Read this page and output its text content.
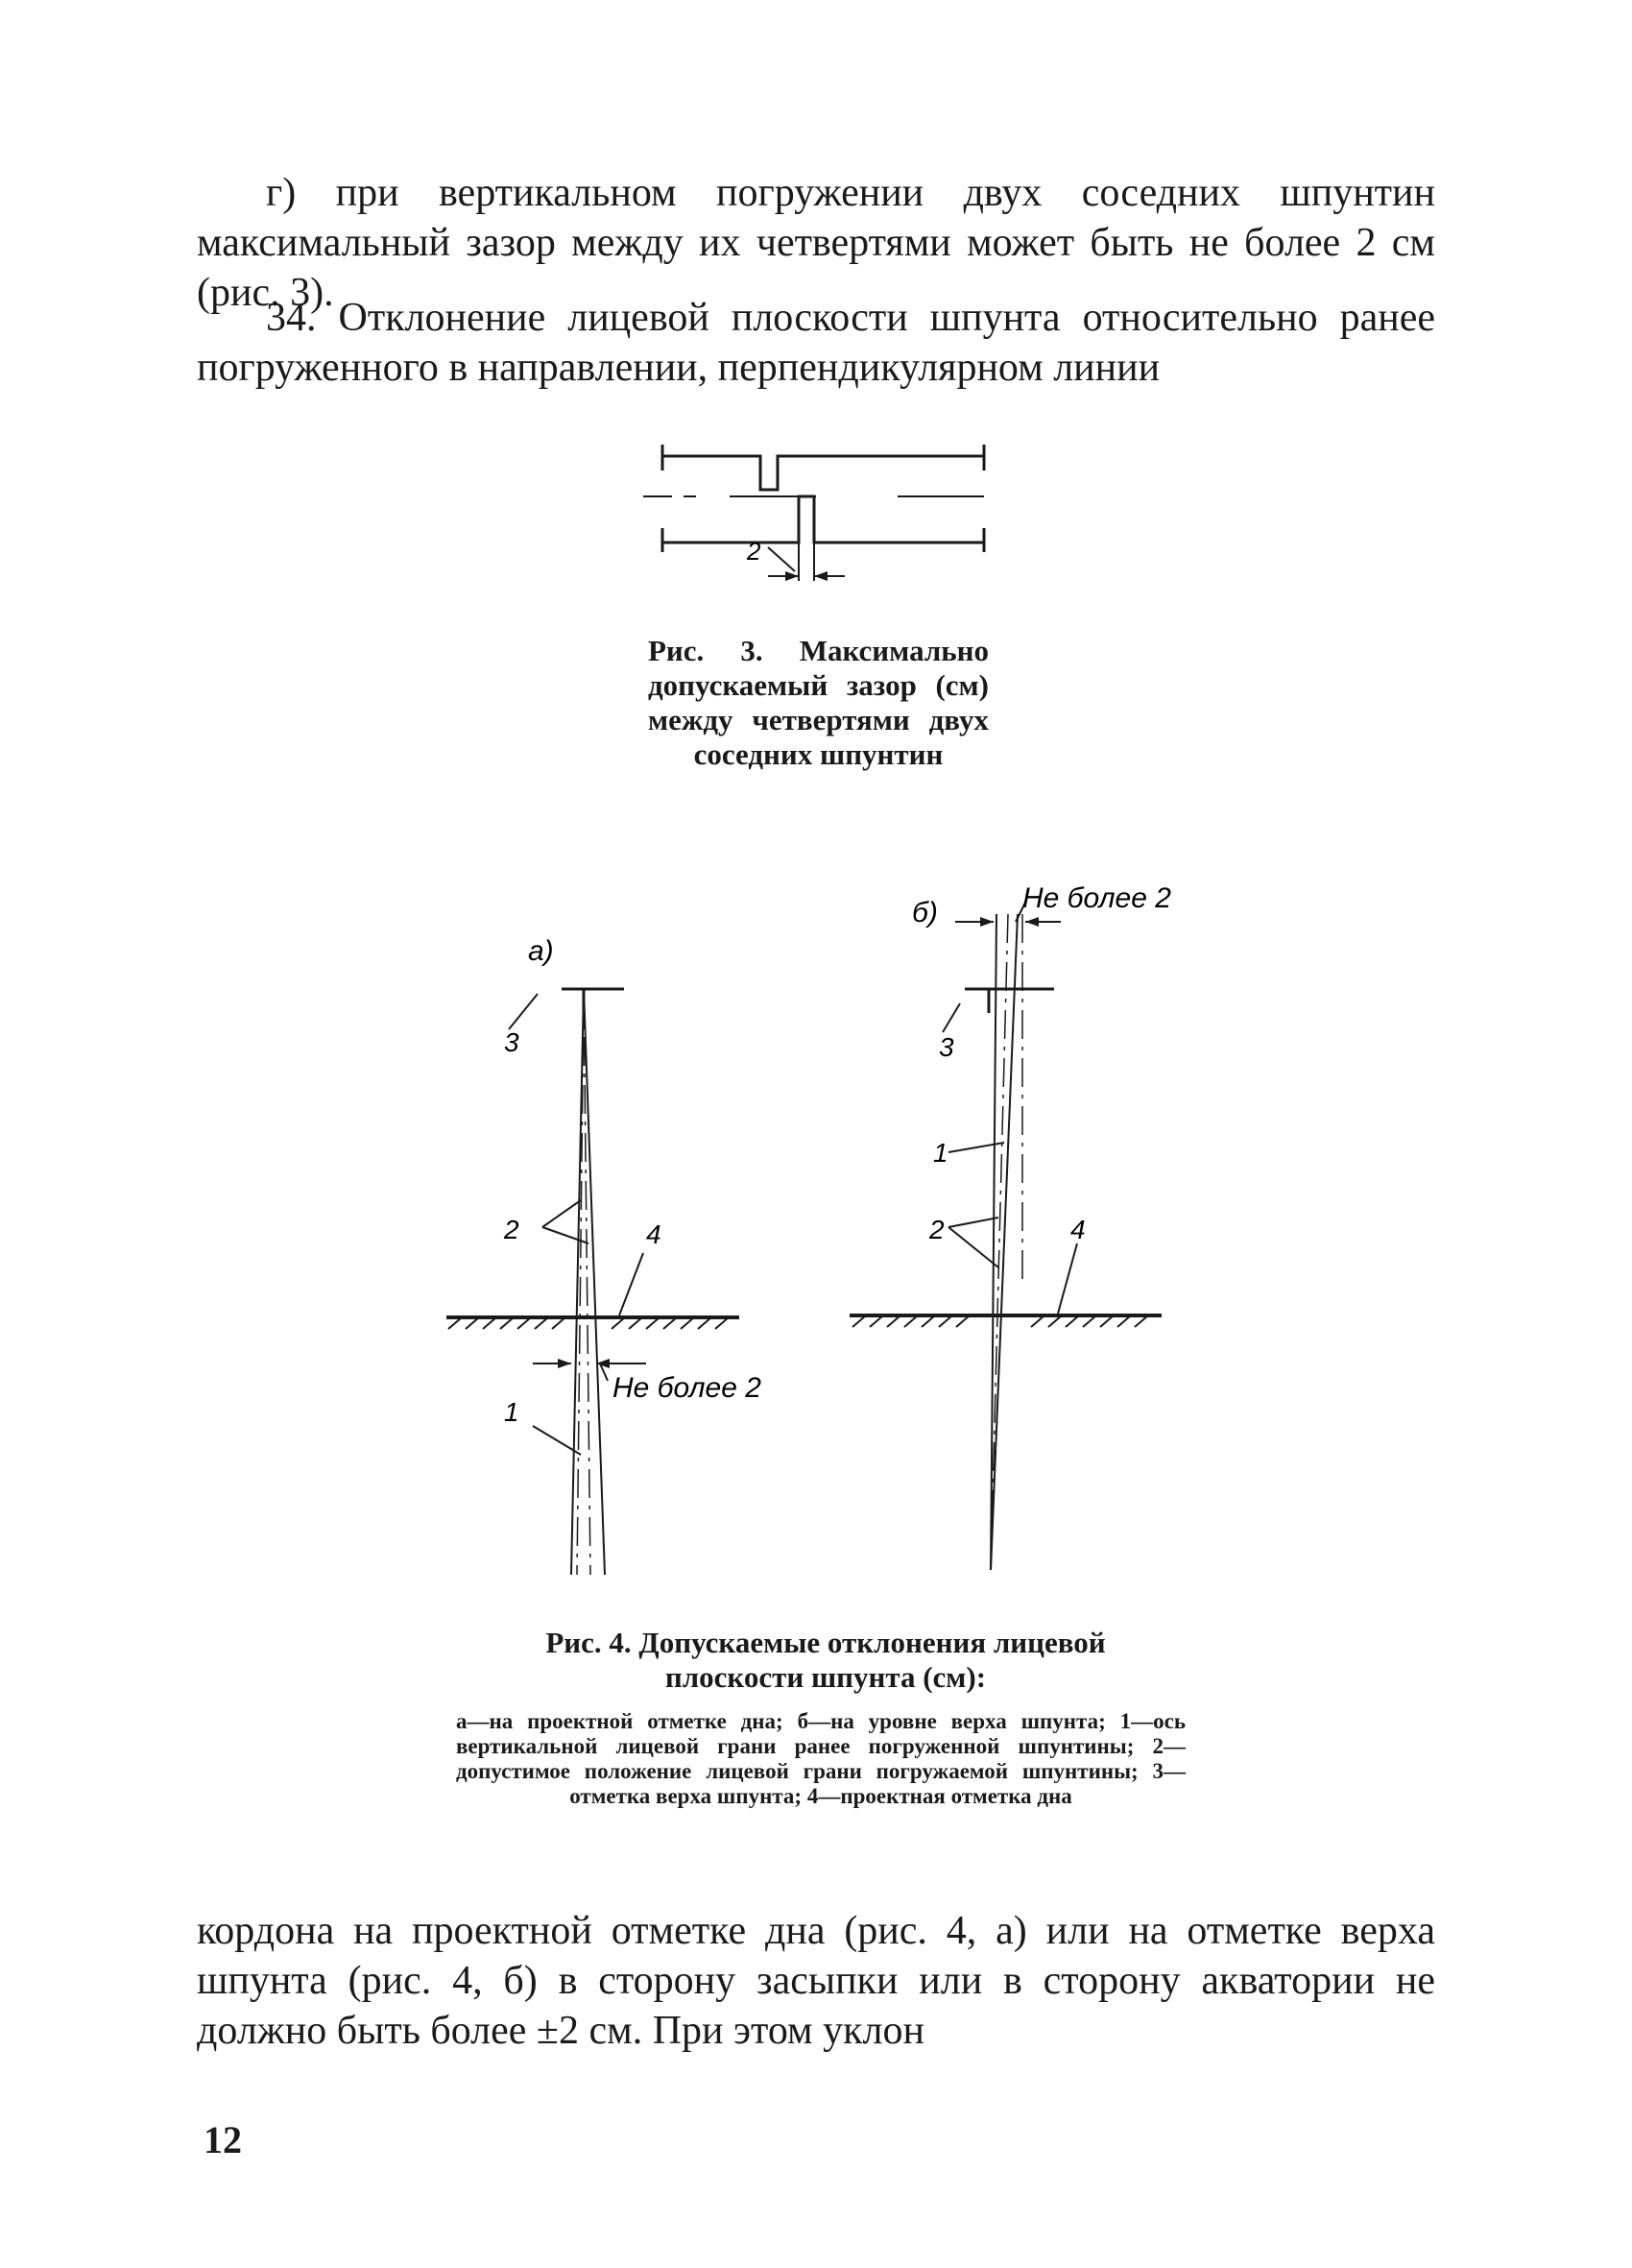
г) при вертикальном погружении двух соседних шпунтин максимальный зазор между их четвертями может быть не более 2 см (рис. 3).

34. Отклонение лицевой плоскости шпунта относительно ранее погруженного в направлении, перпендикулярном линии

2

Рис. 3. Максимально допускаемый зазор (см) между четвертями двух соседних шпунтин

а)
3
2	4
Не более 2
1
б)	Не более 2
3
1
2	4

Рис. 4. Допускаемые отклонения лицевой плоскости шпунта (см):

а—на проектной отметке дна; б—на уровне верха шпунта; 1—ось вертикальной лицевой грани ранее погруженной шпунтины; 2—допустимое положение лицевой грани погружаемой шпунтины; 3—отметка верха шпунта; 4—проектная отметка дна

кордона на проектной отметке дна (рис. 4, а) или на отметке верха шпунта (рис. 4, б) в сторону засыпки или в сторону акватории не должно быть более ±2 см. При этом уклон

12
